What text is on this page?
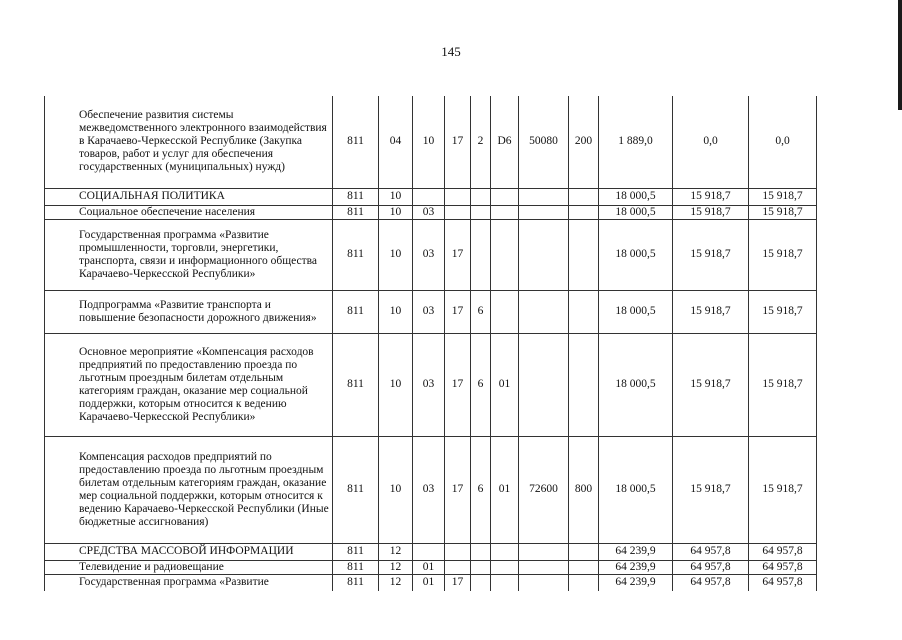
145
Обеспечение развития системы межведомственного электронного взаимодействия в Карачаево-Черкесской Республике (Закупка товаров, работ и услуг для обеспечения государственных (муниципальных) нужд)	811	04	10	17	2	D6	50080	200	1 889,0	0,0	0,0
СОЦИАЛЬНАЯ ПОЛИТИКА	811	10							18 000,5	15 918,7	15 918,7
Социальное обеспечение населения	811	10	03						18 000,5	15 918,7	15 918,7
Государственная программа «Развитие промышленности, торговли, энергетики, транспорта, связи и информационного общества Карачаево-Черкесской Республики»	811	10	03	17					18 000,5	15 918,7	15 918,7
Подпрограмма «Развитие транспорта и повышение безопасности дорожного движения»	811	10	03	17	6				18 000,5	15 918,7	15 918,7
Основное мероприятие «Компенсация расходов предприятий по предоставлению проезда по льготным проездным билетам отдельным категориям граждан, оказание мер социальной поддержки, которым относится к ведению Карачаево-Черкесской Республики»	811	10	03	17	6	01			18 000,5	15 918,7	15 918,7
Компенсация расходов предприятий по предоставлению проезда по льготным проездным билетам отдельным категориям граждан, оказание мер социальной поддержки, которым относится к ведению Карачаево-Черкесской Республики (Иные бюджетные ассигнования)	811	10	03	17	6	01	72600	800	18 000,5	15 918,7	15 918,7
СРЕДСТВА МАССОВОЙ ИНФОРМАЦИИ	811	12							64 239,9	64 957,8	64 957,8
Телевидение и радиовещание	811	12	01						64 239,9	64 957,8	64 957,8
Государственная программа «Развитие	811	12	01	17					64 239,9	64 957,8	64 957,8
